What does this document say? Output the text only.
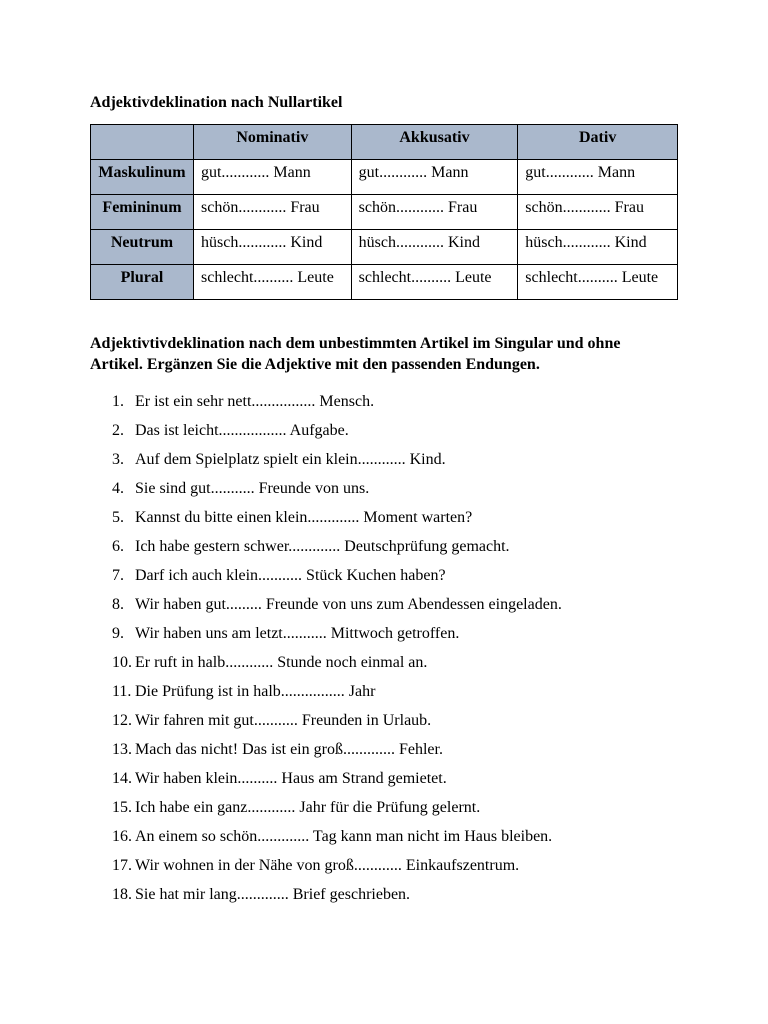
Adjektivdeklination nach Nullartikel

	Nominativ	Akkusativ	Dativ
Maskulinum	gut............ Mann	gut............ Mann	gut............ Mann
Femininum	schön............ Frau	schön............ Frau	schön............ Frau
Neutrum	hüsch............ Kind	hüsch............ Kind	hüsch............ Kind
Plural	schlecht.......... Leute	schlecht.......... Leute	schlecht.......... Leute

Adjektivtivdeklination nach dem unbestimmten Artikel im Singular und ohne Artikel. Ergänzen Sie die Adjektive mit den passenden Endungen.

1. Er ist ein sehr nett................ Mensch.
2. Das ist leicht................. Aufgabe.
3. Auf dem Spielplatz spielt ein klein............ Kind.
4. Sie sind gut........... Freunde von uns.
5. Kannst du bitte einen klein............. Moment warten?
6. Ich habe gestern schwer............. Deutschprüfung gemacht.
7. Darf ich auch klein........... Stück Kuchen haben?
8. Wir haben gut......... Freunde von uns zum Abendessen eingeladen.
9. Wir haben uns am letzt........... Mittwoch getroffen.
10. Er ruft in halb............ Stunde noch einmal an.
11. Die Prüfung ist in halb................ Jahr
12. Wir fahren mit gut........... Freunden in Urlaub.
13. Mach das nicht! Das ist ein groß............. Fehler.
14. Wir haben klein.......... Haus am Strand gemietet.
15. Ich habe ein ganz............ Jahr für die Prüfung gelernt.
16. An einem so schön............. Tag kann man nicht im Haus bleiben.
17. Wir wohnen in der Nähe von groß............ Einkaufszentrum.
18. Sie hat mir lang............. Brief geschrieben.
